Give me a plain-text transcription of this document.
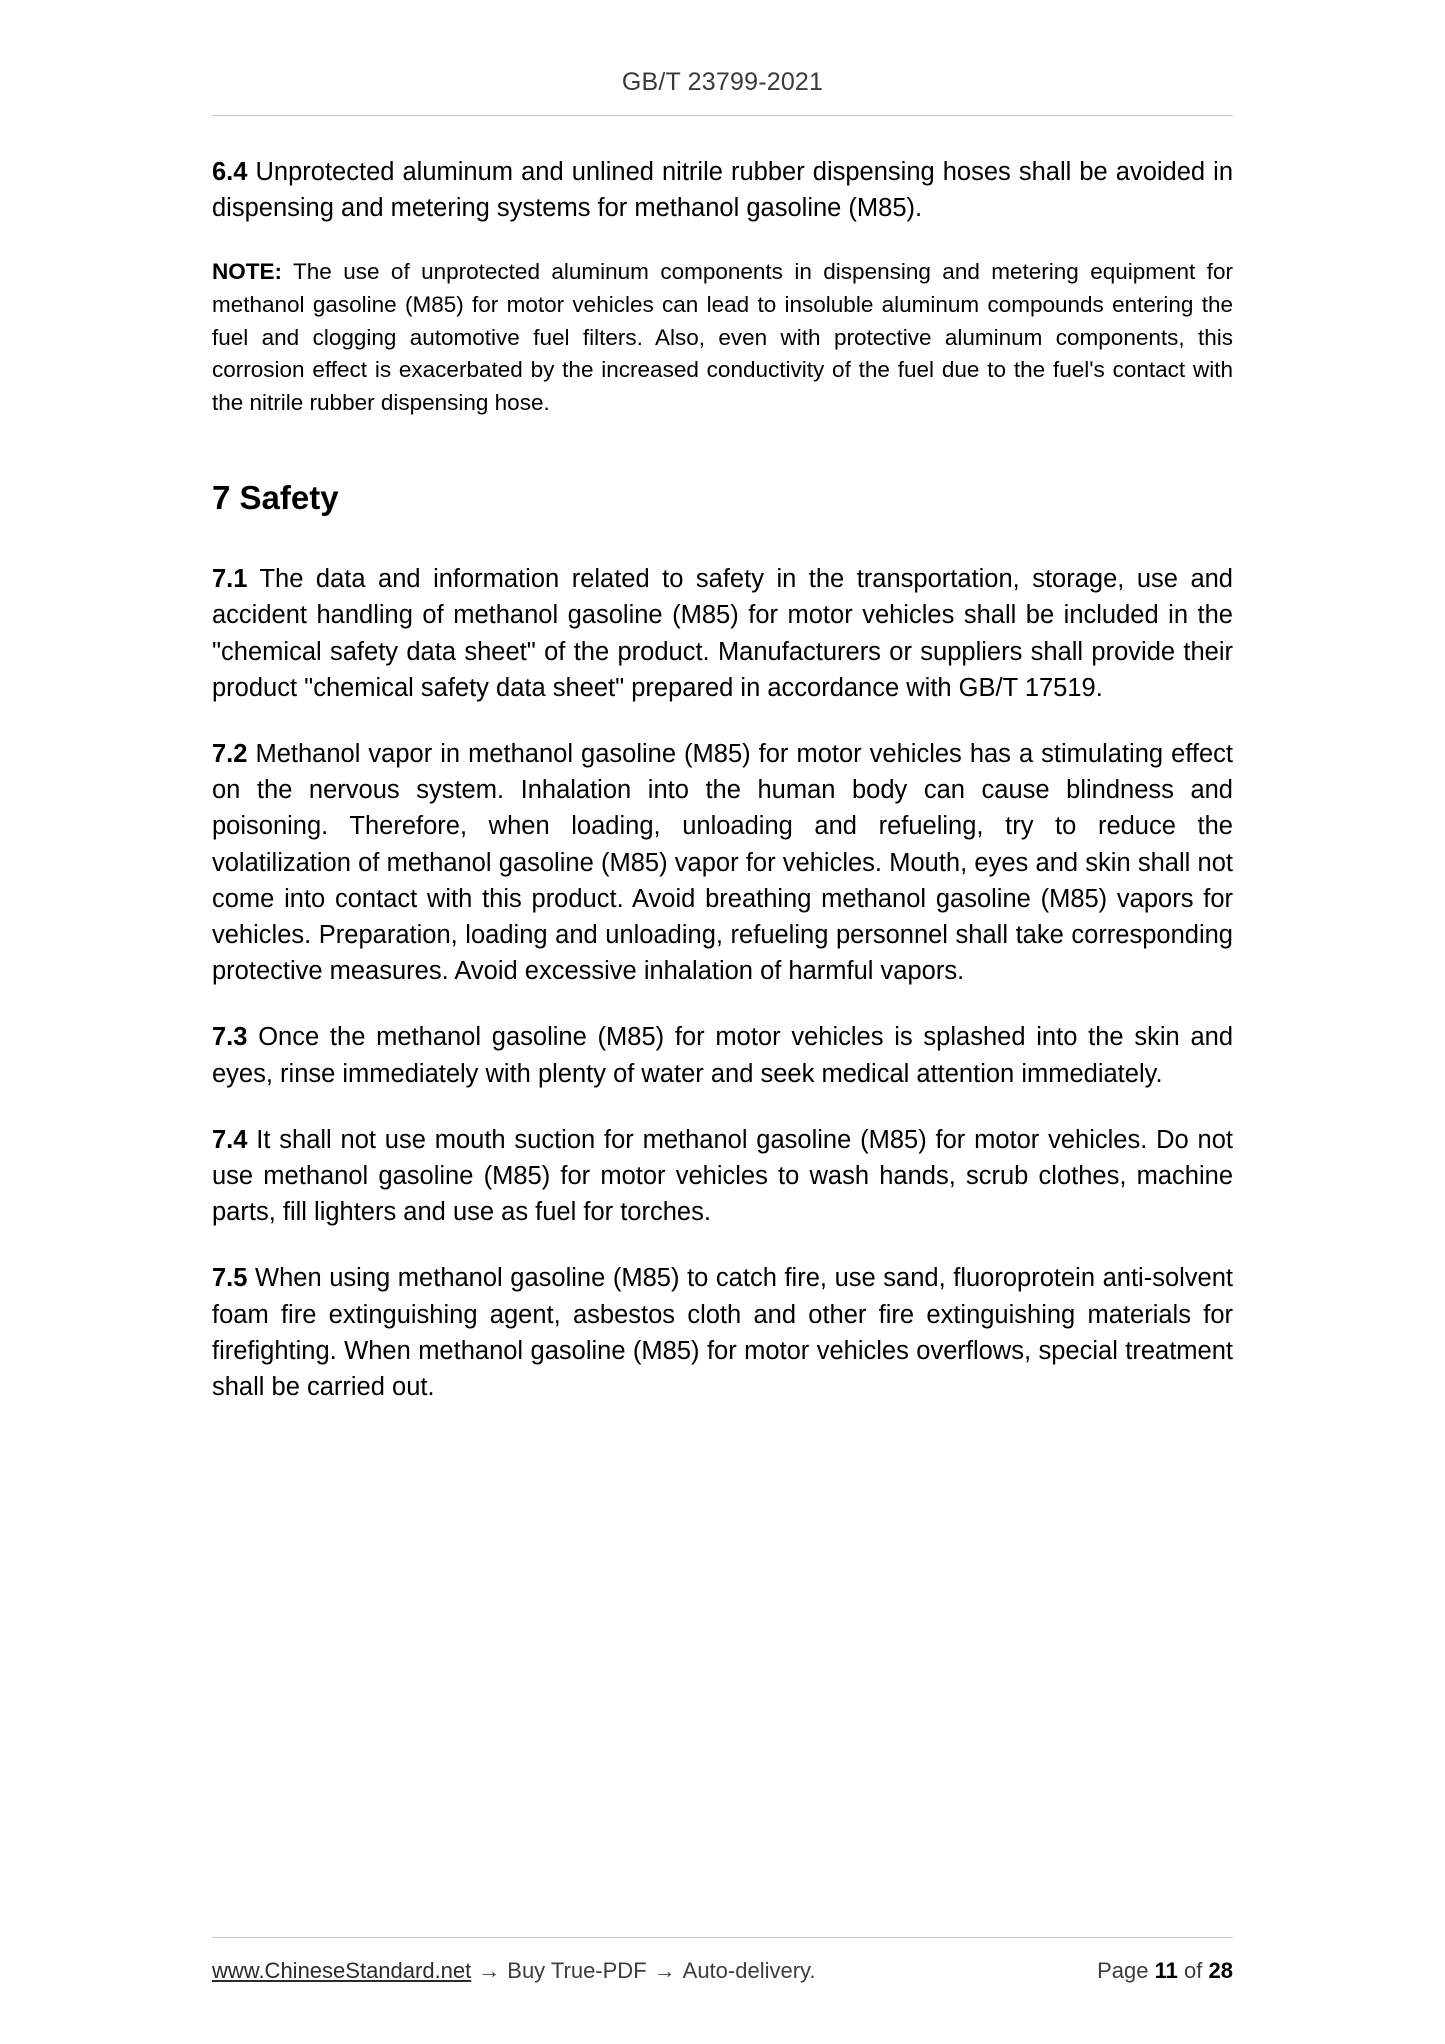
GB/T 23799-2021

6.4 Unprotected aluminum and unlined nitrile rubber dispensing hoses shall be avoided in dispensing and metering systems for methanol gasoline (M85).

NOTE: The use of unprotected aluminum components in dispensing and metering equipment for methanol gasoline (M85) for motor vehicles can lead to insoluble aluminum compounds entering the fuel and clogging automotive fuel filters. Also, even with protective aluminum components, this corrosion effect is exacerbated by the increased conductivity of the fuel due to the fuel's contact with the nitrile rubber dispensing hose.

7 Safety

7.1 The data and information related to safety in the transportation, storage, use and accident handling of methanol gasoline (M85) for motor vehicles shall be included in the "chemical safety data sheet" of the product. Manufacturers or suppliers shall provide their product "chemical safety data sheet" prepared in accordance with GB/T 17519.

7.2 Methanol vapor in methanol gasoline (M85) for motor vehicles has a stimulating effect on the nervous system. Inhalation into the human body can cause blindness and poisoning. Therefore, when loading, unloading and refueling, try to reduce the volatilization of methanol gasoline (M85) vapor for vehicles. Mouth, eyes and skin shall not come into contact with this product. Avoid breathing methanol gasoline (M85) vapors for vehicles. Preparation, loading and unloading, refueling personnel shall take corresponding protective measures. Avoid excessive inhalation of harmful vapors.

7.3 Once the methanol gasoline (M85) for motor vehicles is splashed into the skin and eyes, rinse immediately with plenty of water and seek medical attention immediately.

7.4 It shall not use mouth suction for methanol gasoline (M85) for motor vehicles. Do not use methanol gasoline (M85) for motor vehicles to wash hands, scrub clothes, machine parts, fill lighters and use as fuel for torches.

7.5 When using methanol gasoline (M85) to catch fire, use sand, fluoroprotein anti-solvent foam fire extinguishing agent, asbestos cloth and other fire extinguishing materials for firefighting. When methanol gasoline (M85) for motor vehicles overflows, special treatment shall be carried out.

www.ChineseStandard.net → Buy True-PDF → Auto-delivery.	Page 11 of 28
